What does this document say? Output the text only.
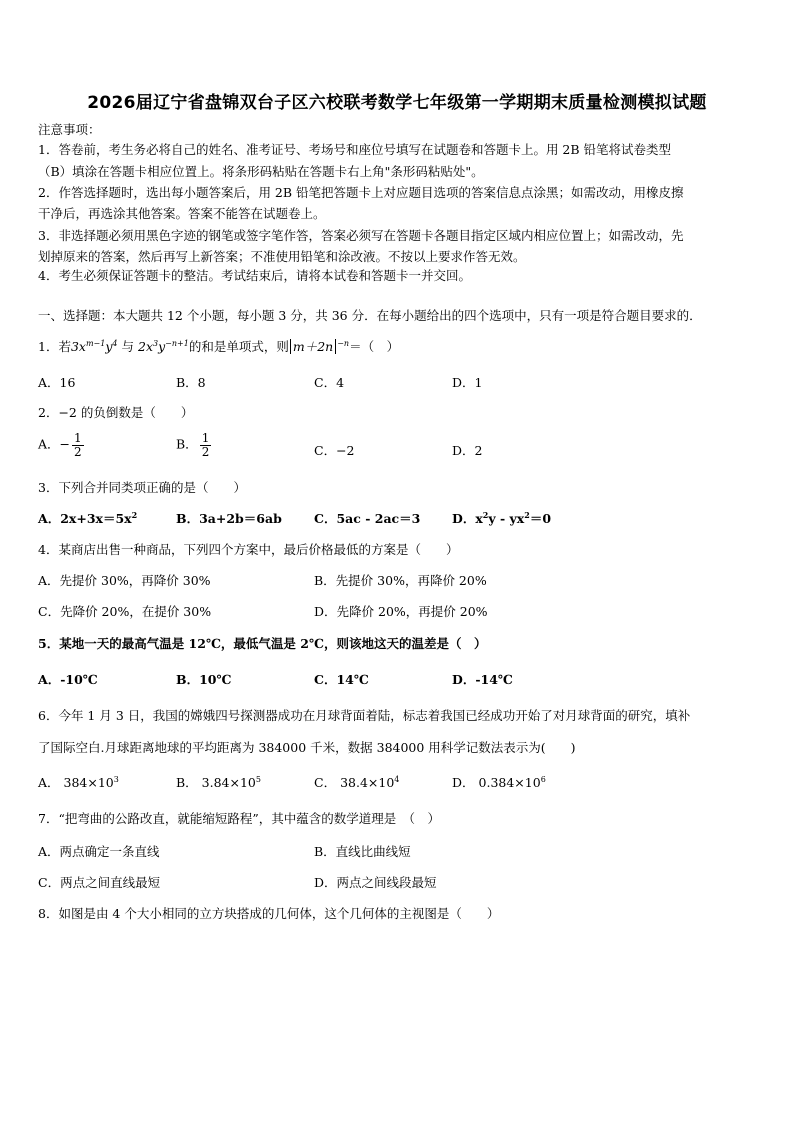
2026届辽宁省盘锦双台子区六校联考数学七年级第一学期期末质量检测模拟试题
注意事项：
1．答卷前，考生务必将自己的姓名、准考证号、考场号和座位号填写在试题卷和答题卡上。用 2B 铅笔将试卷类型
（B）填涂在答题卡相应位置上。将条形码粘贴在答题卡右上角"条形码粘贴处"。
2．作答选择题时，选出每小题答案后，用 2B 铅笔把答题卡上对应题目选项的答案信息点涂黑；如需改动，用橡皮擦
干净后，再选涂其他答案。答案不能答在试题卷上。
3．非选择题必须用黑色字迹的钢笔或签字笔作答，答案必须写在答题卡各题目指定区域内相应位置上；如需改动，先
划掉原来的答案，然后再写上新答案；不准使用铅笔和涂改液。不按以上要求作答无效。
4．考生必须保证答题卡的整洁。考试结束后，请将本试卷和答题卡一并交回。
一、选择题：本大题共 12 个小题，每小题 3 分，共 36 分．在每小题给出的四个选项中，只有一项是符合题目要求的．
1．若$3x^{m-1}y^4$ 与 $2x^3y^{-n+1}$的和是单项式，则 m＋2n $^{-n}$＝（　）
A．16	B．8	C．4	D．1
2．−2 的负倒数是（　　）
A．− $\frac{1}{2}$	B． $\frac{1}{2}$	C．−2	D．2
3．下列合并同类项正确的是（　　）
A．$2x+3x=5x^2$	B．3a+2b＝6ab	C．5ac - 2ac＝3	D．$x^2y - yx^2=0$
4．某商店出售一种商品，下列四个方案中，最后价格最低的方案是（　　）
A．先提价 30%，再降价 30%	B．先提价 30%，再降价 20%
C．先降价 20%，在提价 30%	D．先降价 20%，再提价 20%
5．某地一天的最高气温是 12℃，最低气温是 2℃，则该地这天的温差是（　）
A．-10℃	B．10℃	C．14℃	D．-14℃
6．今年 1 月 3 日，我国的嫦娥四号探测器成功在月球背面着陆，标志着我国已经成功开始了对月球背面的研究，填补
了国际空白.月球距离地球的平均距离为 384000 千米，数据 384000 用科学记数法表示为(　　)
A． $384\times 10^3$	B． $3.84\times 10^5$	C． $38.4\times 10^4$	D． $0.384\times 10^6$
7．“把弯曲的公路改直，就能缩短路程”，其中蕴含的数学道理是　（　）
A．两点确定一条直线	B．直线比曲线短
C．两点之间直线最短	D．两点之间线段最短
8．如图是由 4 个大小相同的立方块搭成的几何体，这个几何体的主视图是（　　）
